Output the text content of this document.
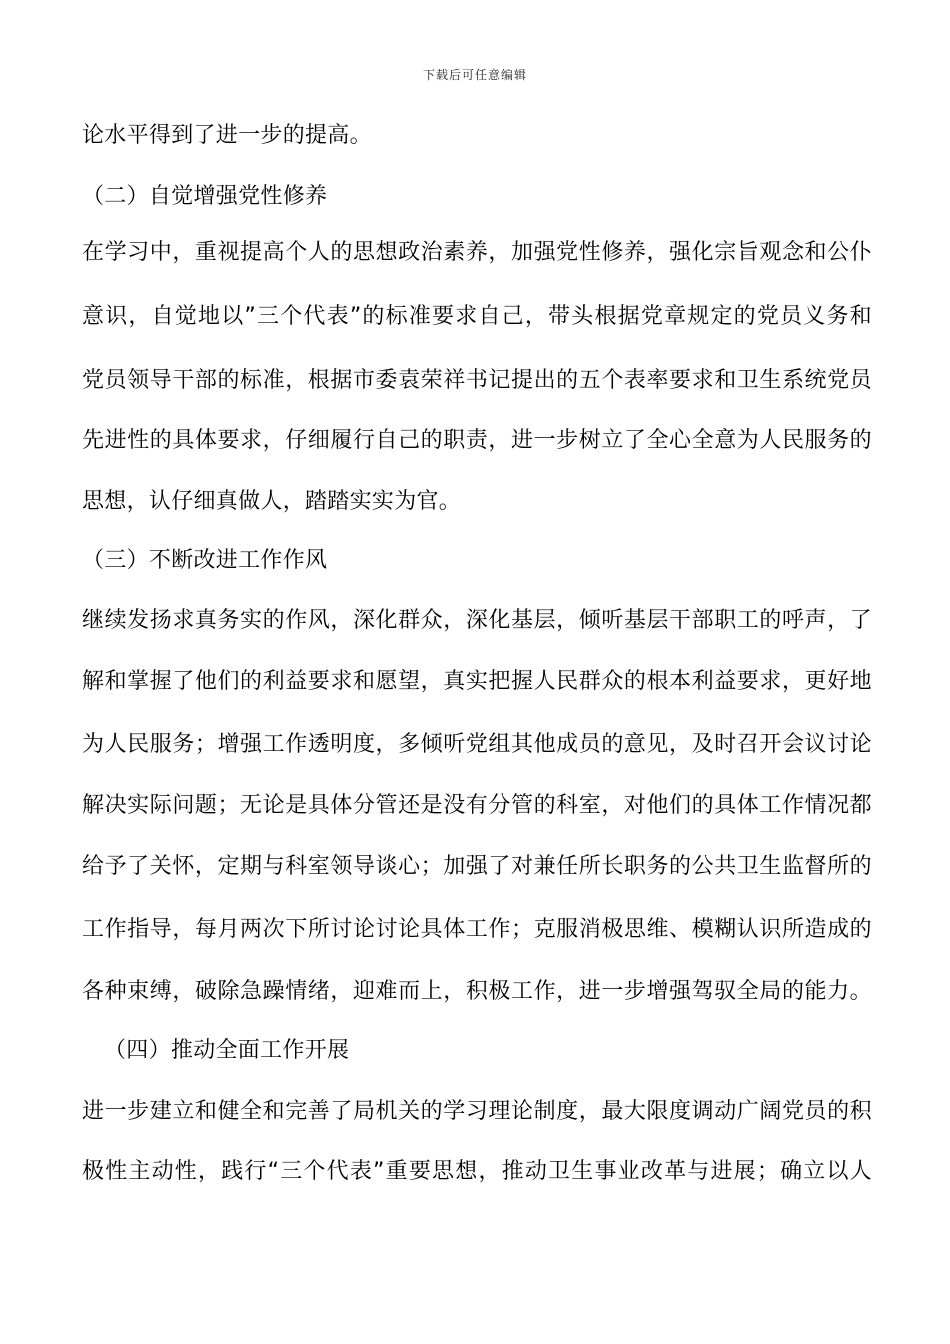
下载后可任意编辑
论水平得到了进一步的提高。
（二）自觉增强党性修养
在学习中，重视提高个人的思想政治素养，加强党性修养，强化宗旨观念和公仆
意识，自觉地以”三个代表”的标准要求自己，带头根据党章规定的党员义务和
党员领导干部的标准，根据市委袁荣祥书记提出的五个表率要求和卫生系统党员
先进性的具体要求，仔细履行自己的职责，进一步树立了全心全意为人民服务的
思想，认仔细真做人，踏踏实实为官。
（三）不断改进工作作风
继续发扬求真务实的作风，深化群众，深化基层，倾听基层干部职工的呼声，了
解和掌握了他们的利益要求和愿望，真实把握人民群众的根本利益要求，更好地
为人民服务；增强工作透明度，多倾听党组其他成员的意见，及时召开会议讨论
解决实际问题；无论是具体分管还是没有分管的科室，对他们的具体工作情况都
给予了关怀，定期与科室领导谈心；加强了对兼任所长职务的公共卫生监督所的
工作指导，每月两次下所讨论讨论具体工作；克服消极思维、模糊认识所造成的
各种束缚，破除急躁情绪，迎难而上，积极工作，进一步增强驾驭全局的能力。
（四）推动全面工作开展
进一步建立和健全和完善了局机关的学习理论制度，最大限度调动广阔党员的积
极性主动性，践行“三个代表”重要思想，推动卫生事业改革与进展；确立以人
